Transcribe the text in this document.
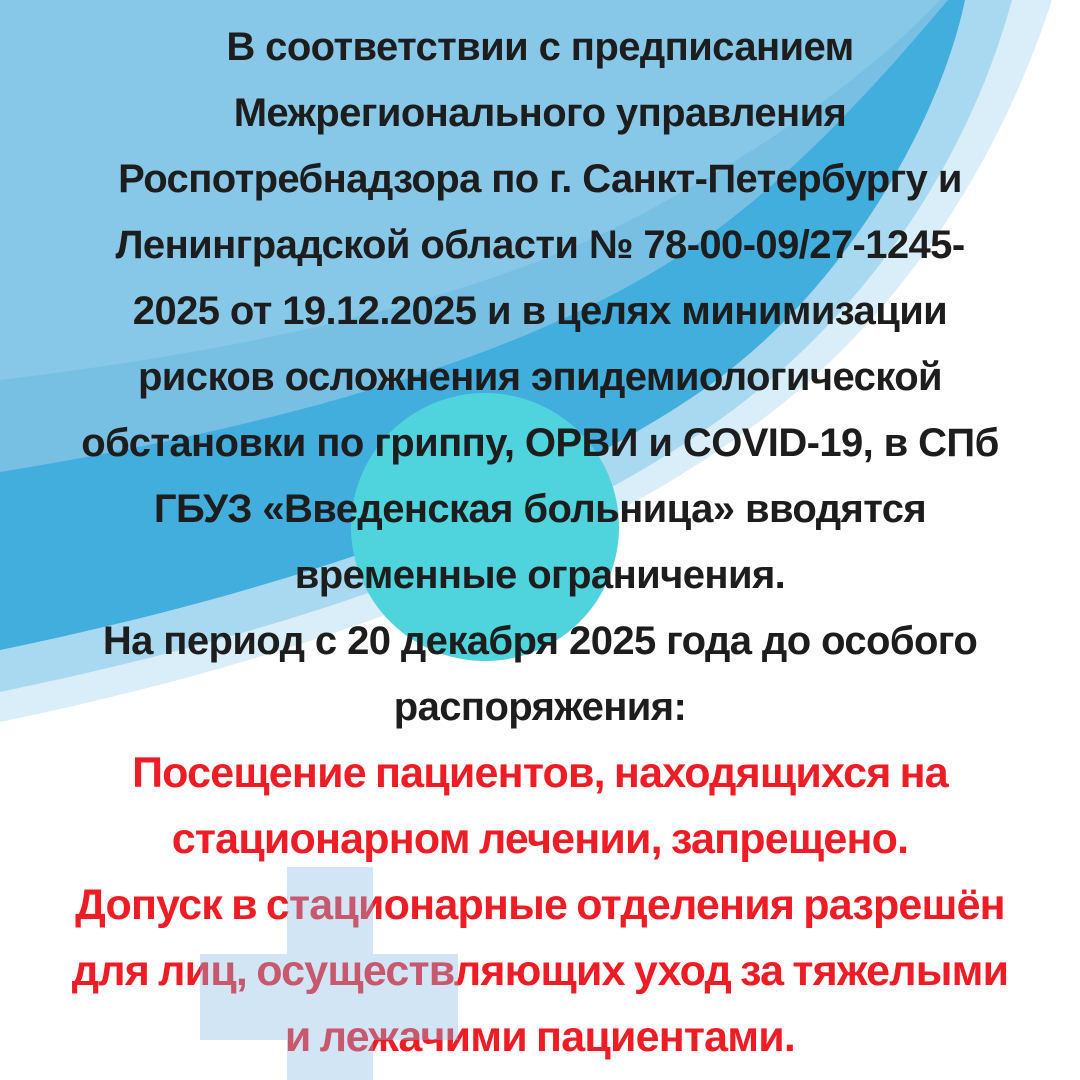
В соответствии с предписанием
Межрегионального управления
Роспотребнадзора по г. Санкт-Петербургу и
Ленинградской области № 78-00-09/27-1245-
2025 от 19.12.2025 и в целях минимизации
рисков осложнения эпидемиологической
обстановки по гриппу, ОРВИ и COVID-19, в СПб
ГБУЗ «Введенская больница» вводятся
временные ограничения.
На период с 20 декабря 2025 года до особого
распоряжения:
Посещение пациентов, находящихся на
стационарном лечении, запрещено.
Допуск в стационарные отделения разрешён
для лиц, осуществляющих уход за тяжелыми
и лежачими пациентами.
